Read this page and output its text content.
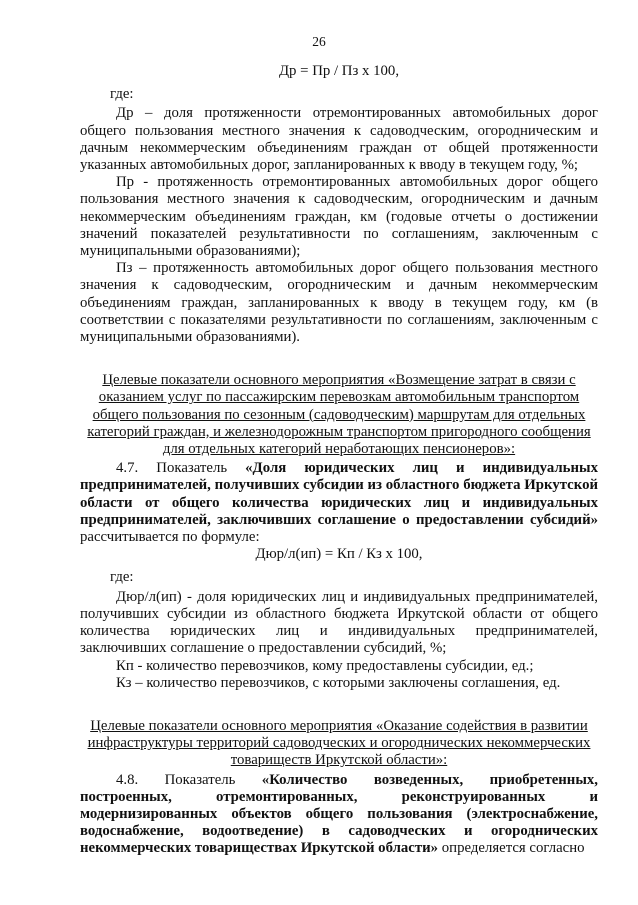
26

Дp = Пp / Пз х 100,

где:

Дp – доля протяженности отремонтированных автомобильных дорог общего пользования местного значения к садоводческим, огородническим и дачным некоммерческим объединениям граждан от общей протяженности указанных автомобильных дорог, запланированных к вводу в текущем году, %;

Пp - протяженность отремонтированных автомобильных дорог общего пользования местного значения к садоводческим, огородническим и дачным некоммерческим объединениям граждан, км (годовые отчеты о достижении значений показателей результативности по соглашениям, заключенным с муниципальными образованиями);

Пз – протяженность автомобильных дорог общего пользования местного значения к садоводческим, огородническим и дачным некоммерческим объединениям граждан, запланированных к вводу в текущем году, км (в соответствии с показателями результативности по соглашениям, заключенным с муниципальными образованиями).

Целевые показатели основного мероприятия «Возмещение затрат в связи с оказанием услуг по пассажирским перевозкам автомобильным транспортом общего пользования по сезонным (садоводческим) маршрутам для отдельных категорий граждан, и железнодорожным транспортом пригородного сообщения для отдельных категорий неработающих пенсионеров»:

4.7. Показатель «Доля юридических лиц и индивидуальных предпринимателей, получивших субсидии из областного бюджета Иркутской области от общего количества юридических лиц и индивидуальных предпринимателей, заключивших соглашение о предоставлении субсидий» рассчитывается по формуле:

Дюр/л(ип) = Кп / Кз х 100,

где:

Дюр/л(ип) - доля юридических лиц и индивидуальных предпринимателей, получивших субсидии из областного бюджета Иркутской области от общего количества юридических лиц и индивидуальных предпринимателей, заключивших соглашение о предоставлении субсидий, %;

Кп - количество перевозчиков, кому предоставлены субсидии, ед.;

Кз – количество перевозчиков, с которыми заключены соглашения, ед.

Целевые показатели основного мероприятия «Оказание содействия в развитии инфраструктуры территорий садоводческих и огороднических некоммерческих товариществ Иркутской области»:

4.8. Показатель «Количество возведенных, приобретенных, построенных, отремонтированных, реконструированных и модернизированных объектов общего пользования (электроснабжение, водоснабжение, водоотведение) в садоводческих и огороднических некоммерческих товариществах Иркутской области» определяется согласно
